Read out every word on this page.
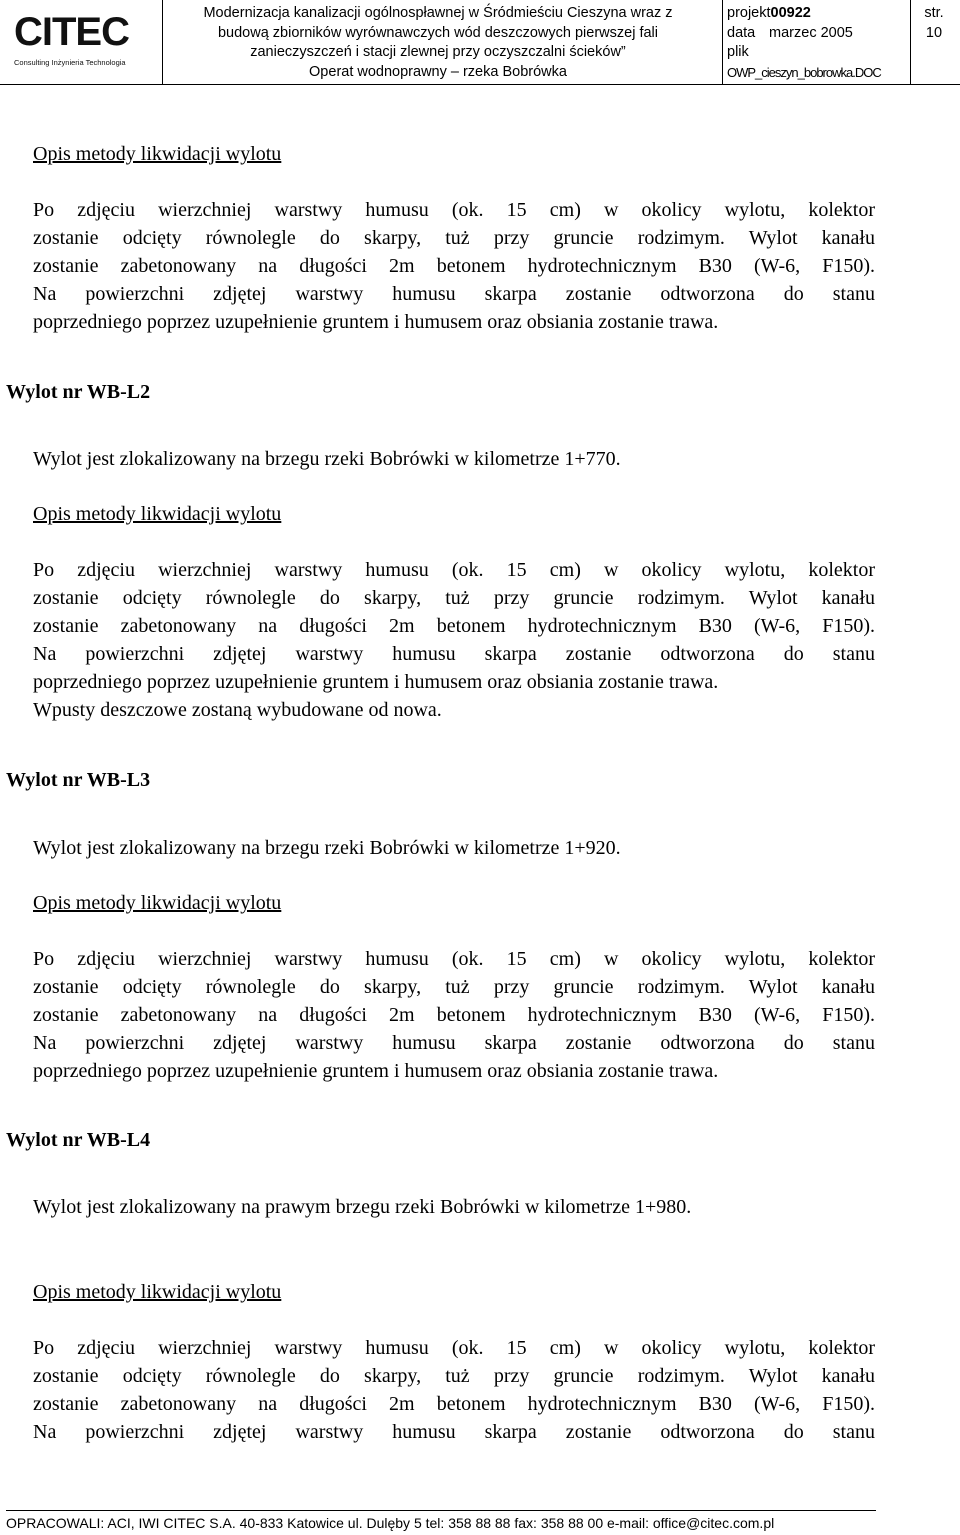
CITEC
Consulting Inżynieria Technologia
Modernizacja kanalizacji ogólnospławnej w Śródmieściu Cieszyna wraz z
budową zbiorników wyrównawczych wód deszczowych pierwszej fali
zanieczyszczeń i stacji zlewnej przy oczyszczalni ścieków”
Operat wodnoprawny – rzeka Bobrówka
projekt00922
data marzec 2005
plik
OWP_cieszyn_bobrowka.DOC
str.
10
Opis metody likwidacji wylotu
Po zdjęciu wierzchniej warstwy humusu (ok. 15 cm) w okolicy wylotu, kolektor
zostanie odcięty równolegle do skarpy, tuż przy gruncie rodzimym. Wylot kanału
zostanie zabetonowany na długości 2m betonem hydrotechnicznym B30 (W-6, F150).
Na powierzchni zdjętej warstwy humusu skarpa zostanie odtworzona do stanu
poprzedniego poprzez uzupełnienie gruntem i humusem oraz obsiania zostanie trawa.
Wylot nr WB-L2
Wylot jest zlokalizowany na brzegu rzeki Bobrówki w kilometrze 1+770.
Opis metody likwidacji wylotu
Po zdjęciu wierzchniej warstwy humusu (ok. 15 cm) w okolicy wylotu, kolektor
zostanie odcięty równolegle do skarpy, tuż przy gruncie rodzimym. Wylot kanału
zostanie zabetonowany na długości 2m betonem hydrotechnicznym B30 (W-6, F150).
Na powierzchni zdjętej warstwy humusu skarpa zostanie odtworzona do stanu
poprzedniego poprzez uzupełnienie gruntem i humusem oraz obsiania zostanie trawa.
Wpusty deszczowe zostaną wybudowane od nowa.
Wylot nr WB-L3
Wylot jest zlokalizowany na brzegu rzeki Bobrówki w kilometrze 1+920.
Opis metody likwidacji wylotu
Po zdjęciu wierzchniej warstwy humusu (ok. 15 cm) w okolicy wylotu, kolektor
zostanie odcięty równolegle do skarpy, tuż przy gruncie rodzimym. Wylot kanału
zostanie zabetonowany na długości 2m betonem hydrotechnicznym B30 (W-6, F150).
Na powierzchni zdjętej warstwy humusu skarpa zostanie odtworzona do stanu
poprzedniego poprzez uzupełnienie gruntem i humusem oraz obsiania zostanie trawa.
Wylot nr WB-L4
Wylot jest zlokalizowany na prawym brzegu rzeki Bobrówki w kilometrze 1+980.
Opis metody likwidacji wylotu
Po zdjęciu wierzchniej warstwy humusu (ok. 15 cm) w okolicy wylotu, kolektor
zostanie odcięty równolegle do skarpy, tuż przy gruncie rodzimym. Wylot kanału
zostanie zabetonowany na długości 2m betonem hydrotechnicznym B30 (W-6, F150).
Na powierzchni zdjętej warstwy humusu skarpa zostanie odtworzona do stanu
OPRACOWALI: ACI, IWI CITEC S.A. 40-833 Katowice ul. Dulęby 5 tel: 358 88 88 fax: 358 88 00 e-mail: office@citec.com.pl
